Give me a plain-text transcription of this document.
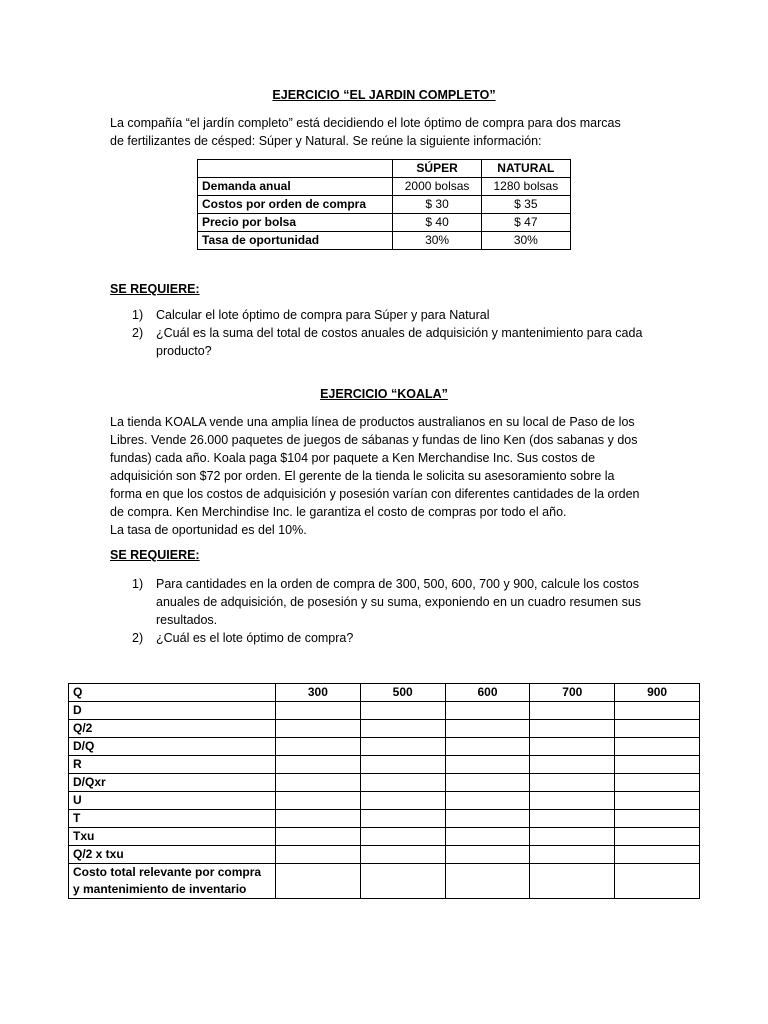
EJERCICIO “EL JARDIN COMPLETO”

La compañía “el jardín completo” está decidiendo el lote óptimo de compra para dos marcas

de fertilizantes de césped: Súper y Natural. Se reúne la siguiente información:

	SÚPER	NATURAL
Demanda anual	2000 bolsas	1280 bolsas
Costos por orden de compra	$ 30	$ 35
Precio por bolsa	$ 40	$ 47
Tasa de oportunidad	30%	30%
SE REQUIERE:
1) Calcular el lote óptimo de compra para Súper y para Natural
2) ¿Cuál es la suma del total de costos anuales de adquisición y mantenimiento para cada
producto?
EJERCICIO “KOALA”

La tienda KOALA vende una amplia línea de productos australianos en su local de Paso de los

Libres. Vende 26.000 paquetes de juegos de sábanas y fundas de lino Ken (dos sabanas y dos

fundas) cada año. Koala paga $104 por paquete a Ken Merchandise Inc. Sus costos de

adquisición son $72 por orden. El gerente de la tienda le solicita su asesoramiento sobre la

forma en que los costos de adquisición y posesión varían con diferentes cantidades de la orden

de compra. Ken Merchindise Inc. le garantiza el costo de compras por todo el año.

La tasa de oportunidad es del 10%.

SE REQUIERE:
1) Para cantidades en la orden de compra de 300, 500, 600, 700 y 900, calcule los costos
anuales de adquisición, de posesión y su suma, exponiendo en un cuadro resumen sus
resultados.
2) ¿Cuál es el lote óptimo de compra?
Q	300	500	600	700	900
D					
Q/2					
D/Q					
R					
D/Qxr					
U					
T					
Txu					
Q/2 x txu					

Costo total relevante por compra
y mantenimiento de inventario					
